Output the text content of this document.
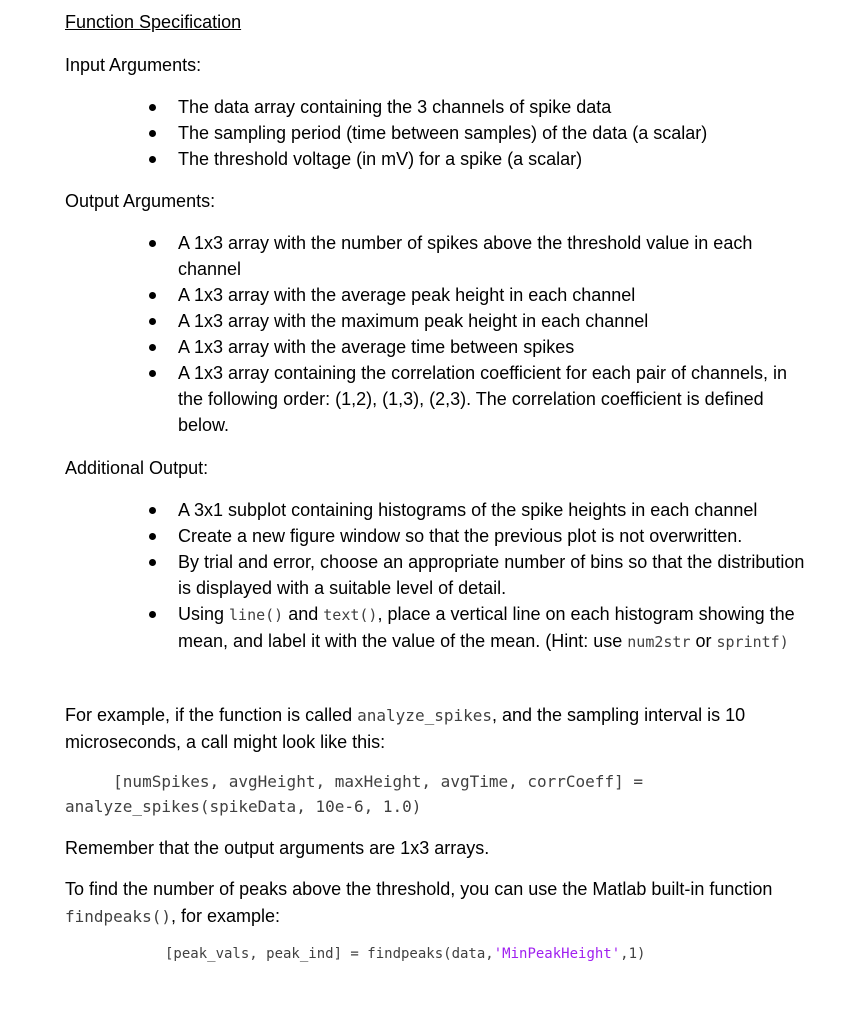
Function Specification
Input Arguments:
The data array containing the 3 channels of spike data
The sampling period (time between samples) of the data (a scalar)
The threshold voltage (in mV) for a spike (a scalar)
Output Arguments:
A 1x3 array with the number of spikes above the threshold value in each channel
A 1x3 array with the average peak height in each channel
A 1x3 array with the maximum peak height in each channel
A 1x3 array with the average time between spikes
A 1x3 array containing the correlation coefficient for each pair of channels, in the following order: (1,2), (1,3), (2,3). The correlation coefficient is defined below.
Additional Output:
A 3x1 subplot containing histograms of the spike heights in each channel
Create a new figure window so that the previous plot is not overwritten.
By trial and error, choose an appropriate number of bins so that the distribution is displayed with a suitable level of detail.
Using line() and text(), place a vertical line on each histogram showing the mean, and label it with the value of the mean. (Hint: use num2str or sprintf)
For example, if the function is called analyze_spikes, and the sampling interval is 10 microseconds, a call might look like this:
[numSpikes, avgHeight, maxHeight, avgTime, corrCoeff] =
analyze_spikes(spikeData, 10e-6, 1.0)
Remember that the output arguments are 1x3 arrays.
To find the number of peaks above the threshold, you can use the Matlab built-in function findpeaks(), for example:
[peak_vals, peak_ind] = findpeaks(data,'MinPeakHeight',1)
